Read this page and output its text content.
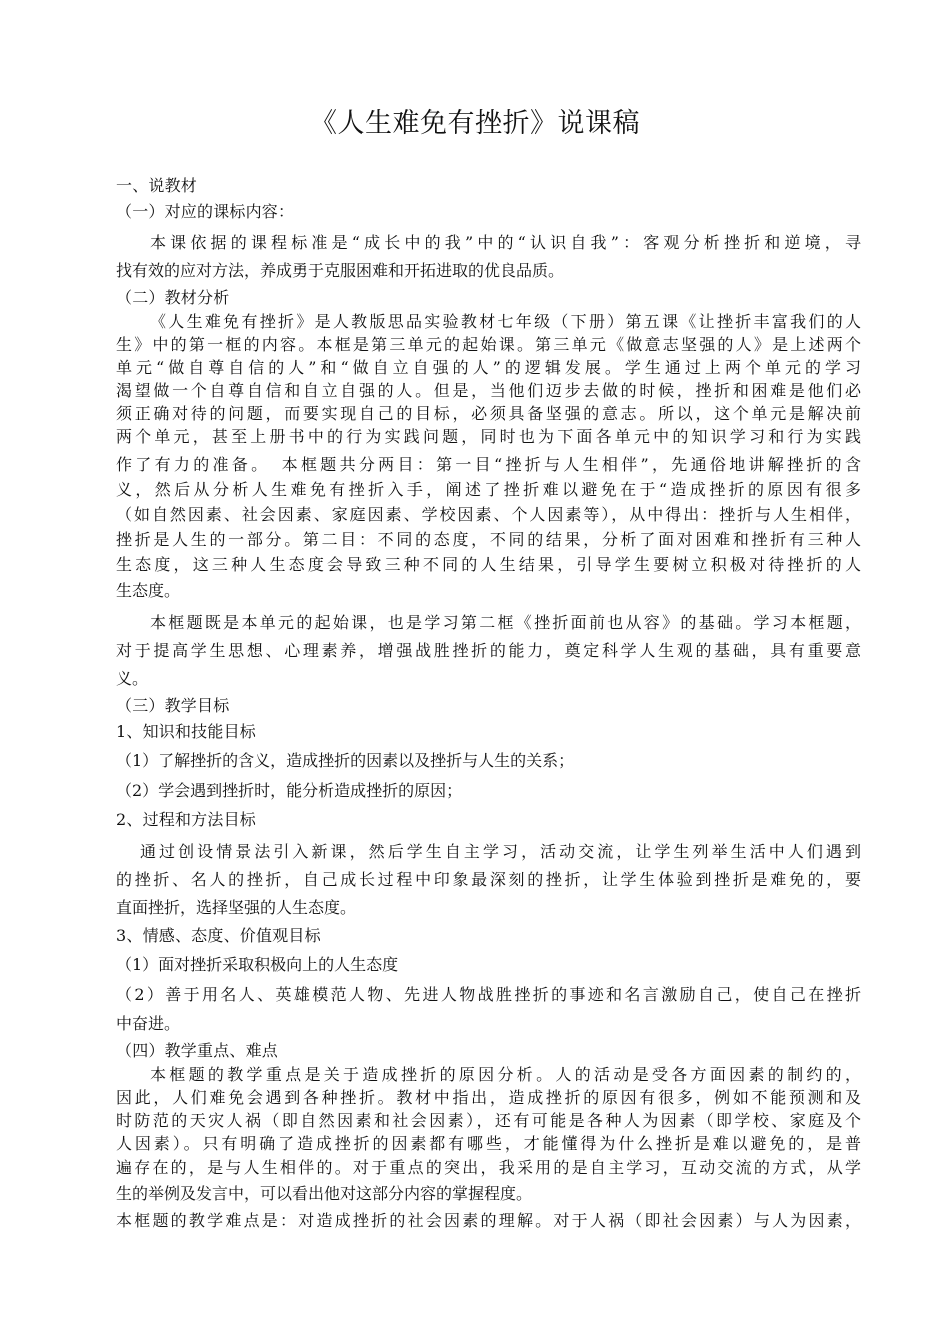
《人生难免有挫折》说课稿

一、说教材

（一）对应的课标内容：

本课依据的课程标准是“成长中的我”中的“认识自我”：客观分析挫折和逆境，寻

找有效的应对方法，养成勇于克服困难和开拓进取的优良品质。

（二）教材分析

《人生难免有挫折》是人教版思品实验教材七年级（下册）第五课《让挫折丰富我们的人

生》中的第一框的内容。本框是第三单元的起始课。第三单元《做意志坚强的人》是上述两个

单元“做自尊自信的人”和“做自立自强的人”的逻辑发展。学生通过上两个单元的学习

渴望做一个自尊自信和自立自强的人。但是，当他们迈步去做的时候，挫折和困难是他们必

须正确对待的问题，而要实现自己的目标，必须具备坚强的意志。所以，这个单元是解决前

两个单元，甚至上册书中的行为实践问题，同时也为下面各单元中的知识学习和行为实践

作了有力的准备。　本框题共分两目：第一目“挫折与人生相伴”，先通俗地讲解挫折的含

义，然后从分析人生难免有挫折入手，阐述了挫折难以避免在于“造成挫折的原因有很多

（如自然因素、社会因素、家庭因素、学校因素、个人因素等），从中得出：挫折与人生相伴，

挫折是人生的一部分。第二目：不同的态度，不同的结果，分析了面对困难和挫折有三种人

生态度，这三种人生态度会导致三种不同的人生结果，引导学生要树立积极对待挫折的人

生态度。

本框题既是本单元的起始课，也是学习第二框《挫折面前也从容》的基础。学习本框题，

对于提高学生思想、心理素养，增强战胜挫折的能力，奠定科学人生观的基础，具有重要意

义。

（三）教学目标

1、知识和技能目标

（1）了解挫折的含义，造成挫折的因素以及挫折与人生的关系；

（2）学会遇到挫折时，能分析造成挫折的原因；

2、过程和方法目标

通过创设情景法引入新课，然后学生自主学习，活动交流，让学生列举生活中人们遇到

的挫折、名人的挫折，自己成长过程中印象最深刻的挫折，让学生体验到挫折是难免的，要

直面挫折，选择坚强的人生态度。

3、情感、态度、价值观目标

（1）面对挫折采取积极向上的人生态度

（2）善于用名人、英雄模范人物、先进人物战胜挫折的事迹和名言激励自己，使自己在挫折

中奋进。

（四）教学重点、难点

本框题的教学重点是关于造成挫折的原因分析。人的活动是受各方面因素的制约的，

因此，人们难免会遇到各种挫折。教材中指出，造成挫折的原因有很多，例如不能预测和及

时防范的天灾人祸（即自然因素和社会因素），还有可能是各种人为因素（即学校、家庭及个

人因素）。只有明确了造成挫折的因素都有哪些，才能懂得为什么挫折是难以避免的，是普

遍存在的，是与人生相伴的。对于重点的突出，我采用的是自主学习，互动交流的方式，从学

生的举例及发言中，可以看出他对这部分内容的掌握程度。

本框题的教学难点是：对造成挫折的社会因素的理解。对于人祸（即社会因素）与人为因素，
